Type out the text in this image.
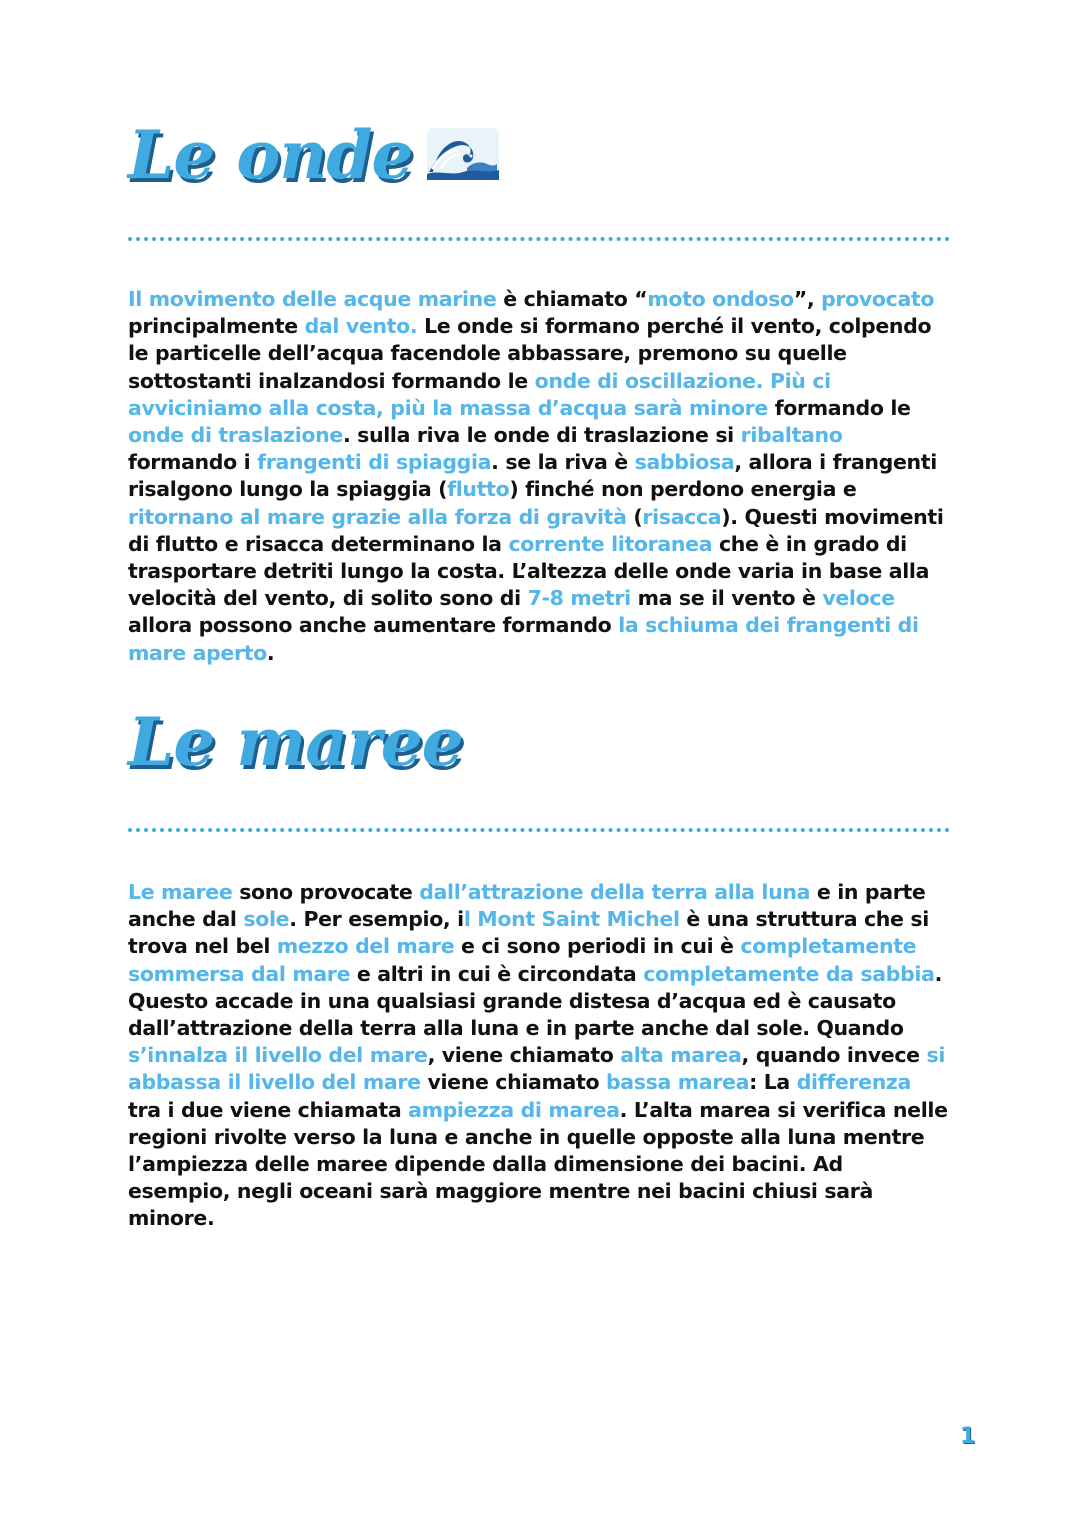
Le onde

Il movimento delle acque marine è chiamato “moto ondoso”, provocato principalmente dal vento. Le onde si formano perché il vento, colpendo le particelle dell’acqua facendole abbassare, premono su quelle sottostanti inalzandosi formando le onde di oscillazione. Più ci avviciniamo alla costa, più la massa d’acqua sarà minore formando le onde di traslazione. sulla riva le onde di traslazione si ribaltano formando i frangenti di spiaggia. se la riva è sabbiosa, allora i frangenti risalgono lungo la spiaggia (flutto) finché non perdono energia e ritornano al mare grazie alla forza di gravità (risacca). Questi movimenti di flutto e risacca determinano la corrente litoranea che è in grado di trasportare detriti lungo la costa. L’altezza delle onde varia in base alla velocità del vento, di solito sono di 7-8 metri ma se il vento è veloce allora possono anche aumentare formando la schiuma dei frangenti di mare aperto.

Le maree

Le maree sono provocate dall’attrazione della terra alla luna e in parte anche dal sole. Per esempio, il Mont Saint Michel è una struttura che si trova nel bel mezzo del mare e ci sono periodi in cui è completamente sommersa dal mare e altri in cui è circondata completamente da sabbia. Questo accade in una qualsiasi grande distesa d’acqua ed è causato dall’attrazione della terra alla luna e in parte anche dal sole. Quando s’innalza il livello del mare, viene chiamato alta marea, quando invece si abbassa il livello del mare viene chiamato bassa marea: La differenza tra i due viene chiamata ampiezza di marea. L’alta marea si verifica nelle regioni rivolte verso la luna e anche in quelle opposte alla luna mentre l’ampiezza delle maree dipende dalla dimensione dei bacini. Ad esempio, negli oceani sarà maggiore mentre nei bacini chiusi sarà minore.

1
